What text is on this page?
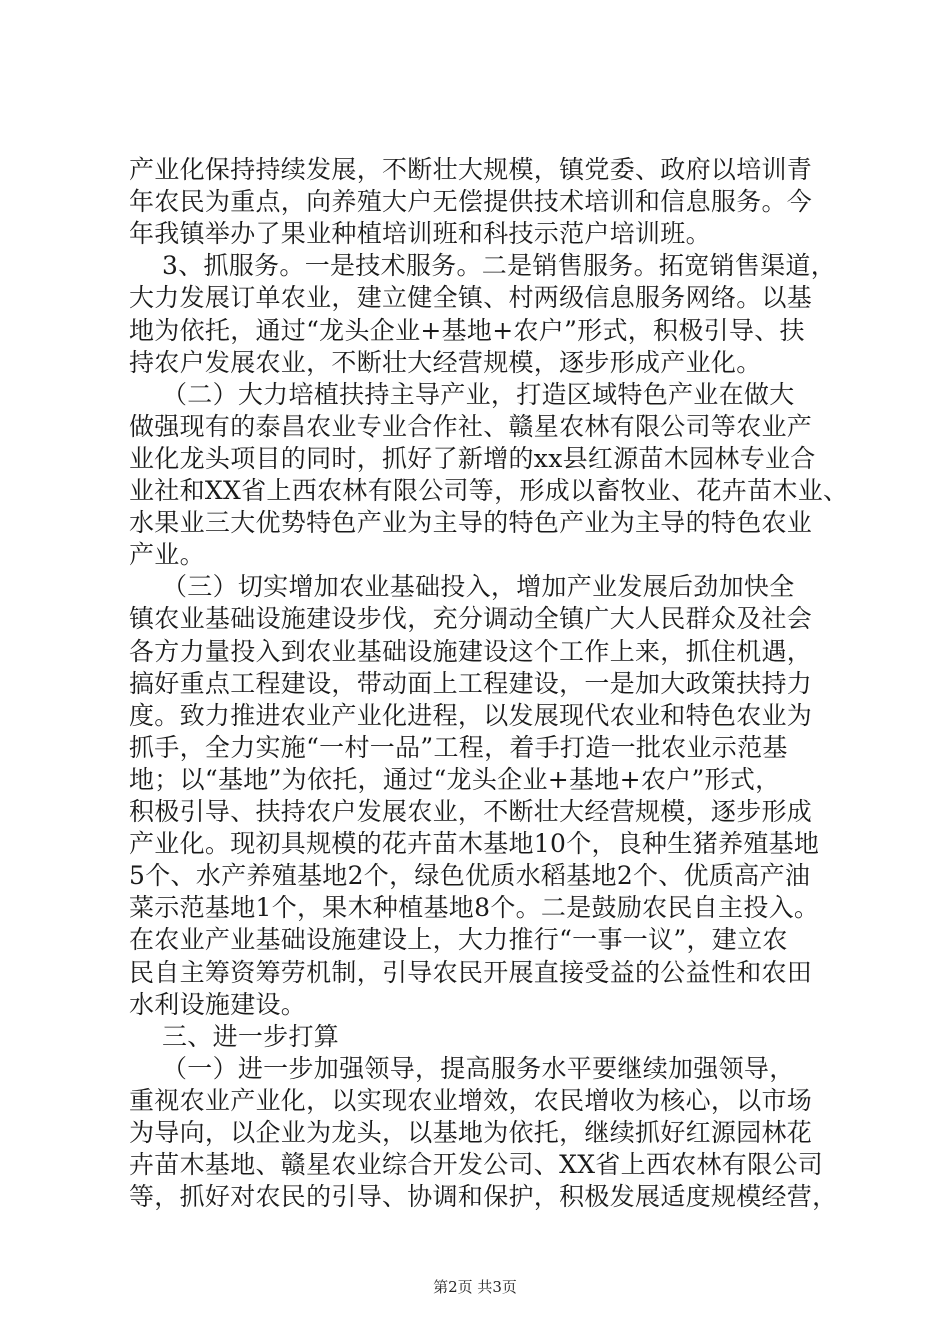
产业化保持持续发展，不断壮大规模，镇党委、政府以培训青
年农民为重点，向养殖大户无偿提供技术培训和信息服务。今
年我镇举办了果业种植培训班和科技示范户培训班。
3、抓服务。一是技术服务。二是销售服务。拓宽销售渠道，
大力发展订单农业，建立健全镇、村两级信息服务网络。以基
地为依托，通过“龙头企业+基地+农户”形式，积极引导、扶
持农户发展农业，不断壮大经营规模，逐步形成产业化。
（二）大力培植扶持主导产业，打造区域特色产业在做大
做强现有的泰昌农业专业合作社、赣星农林有限公司等农业产
业化龙头项目的同时，抓好了新增的xx县红源苗木园林专业合
业社和XX省上西农林有限公司等，形成以畜牧业、花卉苗木业、
水果业三大优势特色产业为主导的特色产业为主导的特色农业
产业。
（三）切实增加农业基础投入，增加产业发展后劲加快全
镇农业基础设施建设步伐，充分调动全镇广大人民群众及社会
各方力量投入到农业基础设施建设这个工作上来，抓住机遇，
搞好重点工程建设，带动面上工程建设，一是加大政策扶持力
度。致力推进农业产业化进程，以发展现代农业和特色农业为
抓手，全力实施“一村一品”工程，着手打造一批农业示范基
地；以“基地”为依托，通过“龙头企业+基地+农户”形式，
积极引导、扶持农户发展农业，不断壮大经营规模，逐步形成
产业化。现初具规模的花卉苗木基地10个，良种生猪养殖基地
5个、水产养殖基地2个，绿色优质水稻基地2个、优质高产油
菜示范基地1个，果木种植基地8个。二是鼓励农民自主投入。
在农业产业基础设施建设上，大力推行“一事一议”，建立农
民自主筹资筹劳机制，引导农民开展直接受益的公益性和农田
水利设施建设。
三、进一步打算
（一）进一步加强领导，提高服务水平要继续加强领导，
重视农业产业化，以实现农业增效，农民增收为核心，以市场
为导向，以企业为龙头，以基地为依托，继续抓好红源园林花
卉苗木基地、赣星农业综合开发公司、XX省上西农林有限公司
等，抓好对农民的引导、协调和保护，积极发展适度规模经营，
第2页 共3页
